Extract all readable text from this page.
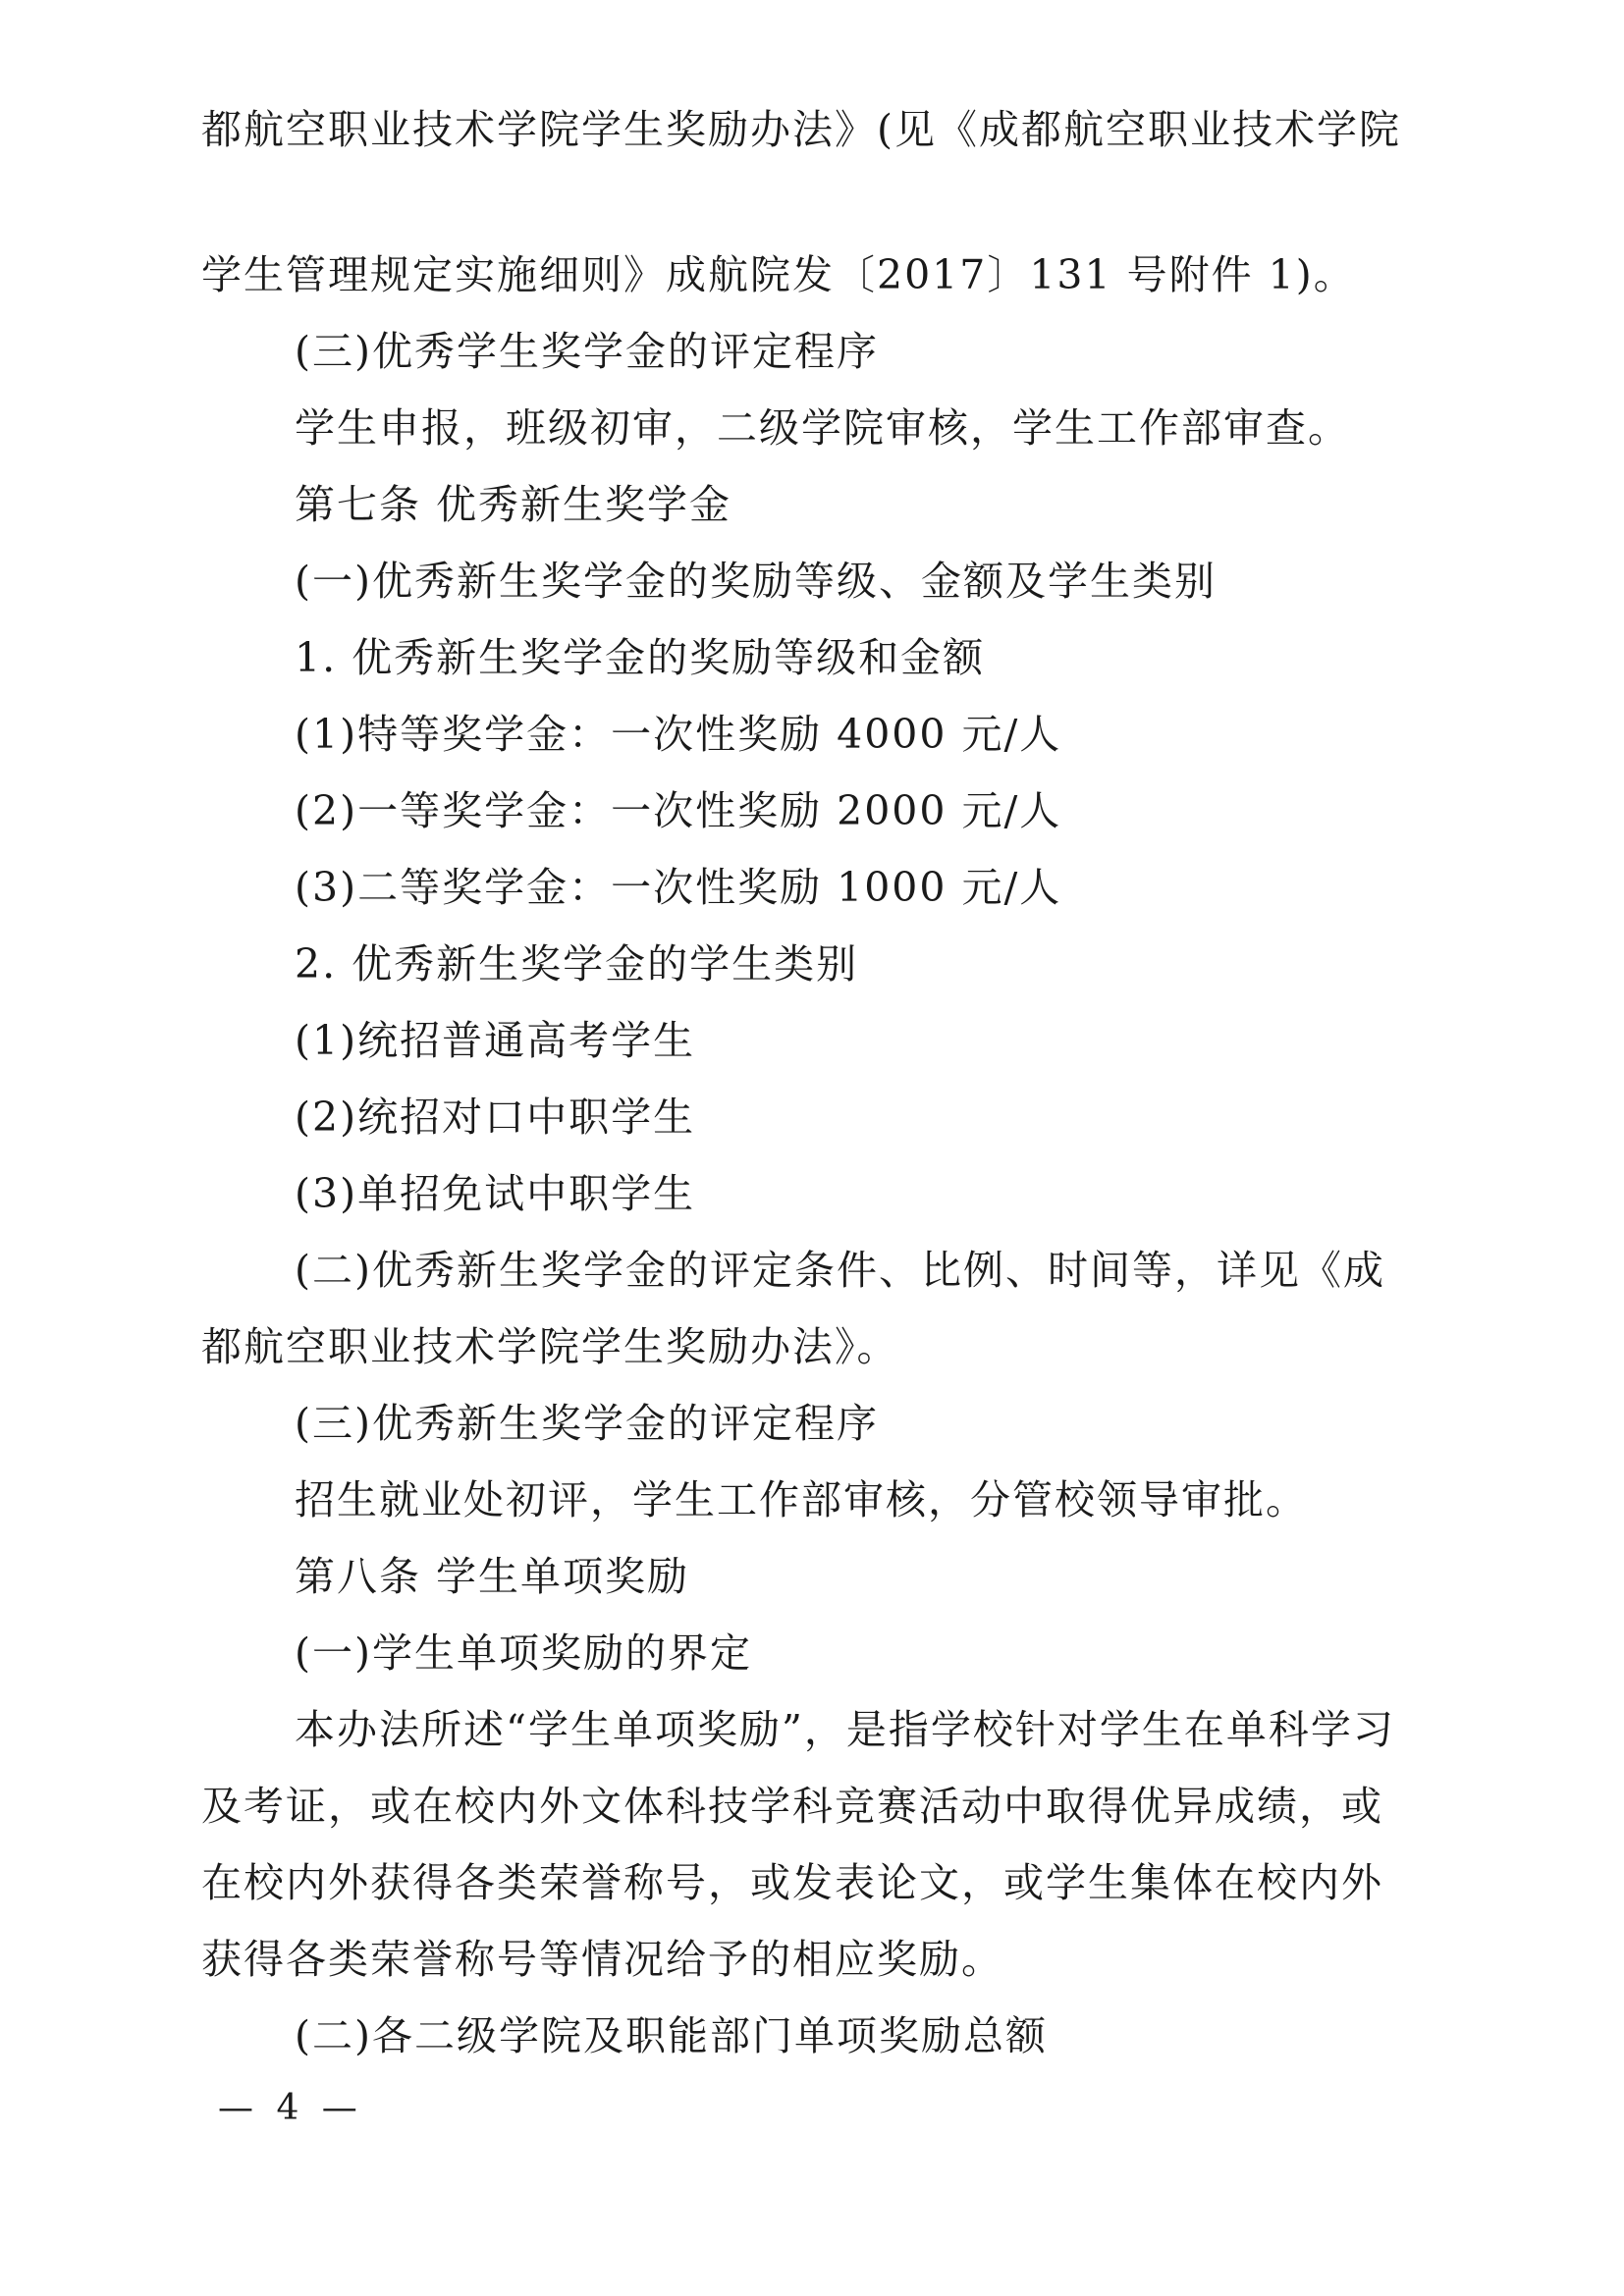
都航空职业技术学院学生奖励办法》(见《成都航空职业技术学院
学生管理规定实施细则》成航院发〔2017〕131 号附件 1)。
(三)优秀学生奖学金的评定程序
学生申报，班级初审，二级学院审核，学生工作部审查。
第七条 优秀新生奖学金
(一)优秀新生奖学金的奖励等级、金额及学生类别
1. 优秀新生奖学金的奖励等级和金额
(1)特等奖学金：一次性奖励 4000 元/人
(2)一等奖学金：一次性奖励 2000 元/人
(3)二等奖学金：一次性奖励 1000 元/人
2. 优秀新生奖学金的学生类别
(1)统招普通高考学生
(2)统招对口中职学生
(3)单招免试中职学生
(二)优秀新生奖学金的评定条件、比例、时间等，详见《成
都航空职业技术学院学生奖励办法》。
(三)优秀新生奖学金的评定程序
招生就业处初评，学生工作部审核，分管校领导审批。
第八条 学生单项奖励
(一)学生单项奖励的界定
本办法所述“学生单项奖励”，是指学校针对学生在单科学习
及考证，或在校内外文体科技学科竞赛活动中取得优异成绩，或
在校内外获得各类荣誉称号，或发表论文，或学生集体在校内外
获得各类荣誉称号等情况给予的相应奖励。
(二)各二级学院及职能部门单项奖励总额
— 4 —
